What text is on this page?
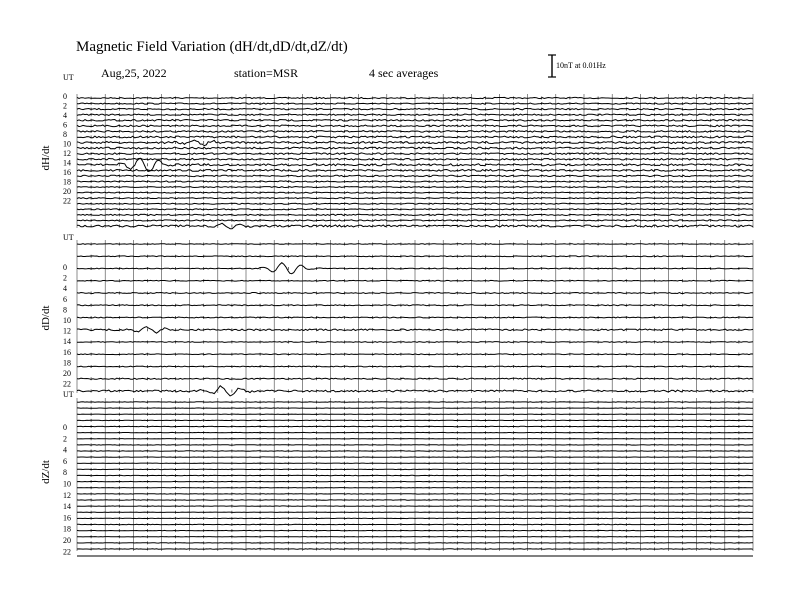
Magnetic Field Variation (dH/dt,dD/dt,dZ/dt)
Aug,25, 2022	station=MSR	4 sec averages
10nT at 0.01Hz
UT
dH/dt
0
2
4
6
8
10
12
14
16
18
20
22
UT
dD/dt
0
2
4
6
8
10
12
14
16
18
20
22
UT
dZ/dt
0
2
4
6
8
10
12
14
16
18
20
22
